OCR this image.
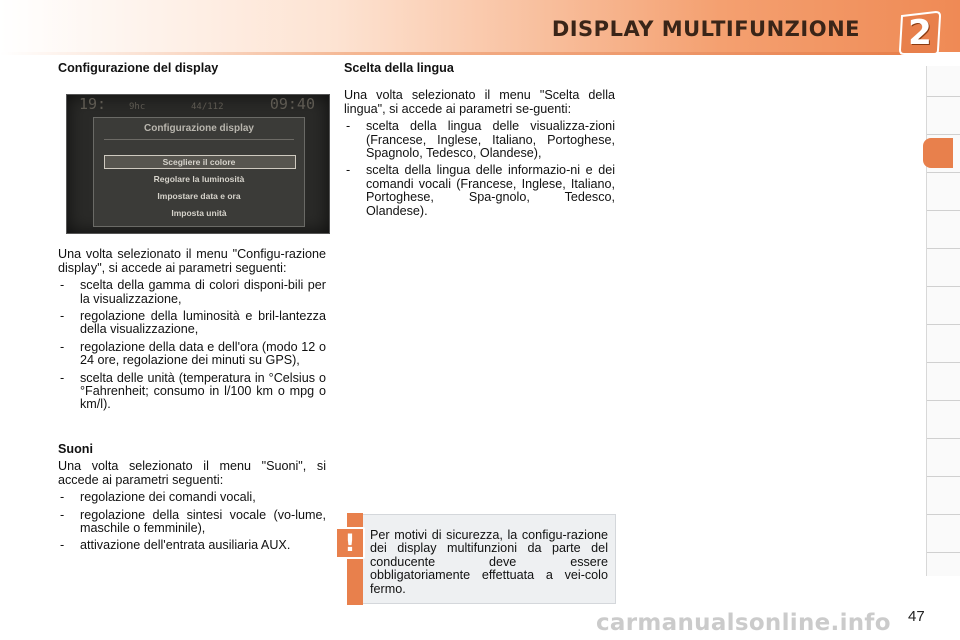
DISPLAY MULTIFUNZIONE 2

Configurazione del display

19:	9hc	44/112	09:40
Configurazione display
Scegliere il colore
Regolare la luminosità
Impostare data e ora
Imposta unità

Una volta selezionato il menu "Configu-razione display", si accede ai parametri seguenti:

- scelta della gamma di colori disponi-bili per la visualizzazione,
- regolazione della luminosità e bril-lantezza della visualizzazione,
- regolazione della data e dell'ora (modo 12 o 24 ore, regolazione dei minuti su GPS),
- scelta delle unità (temperatura in °Celsius o °Fahrenheit; consumo in l/100 km o mpg o km/l).

Suoni

Una volta selezionato il menu "Suoni", si accede ai parametri seguenti:

- regolazione dei comandi vocali,
- regolazione della sintesi vocale (vo-lume, maschile o femminile),
- attivazione dell'entrata ausiliaria AUX.

Scelta della lingua

Una volta selezionato il menu "Scelta della lingua", si accede ai parametri se-guenti:

- scelta della lingua delle visualizza-zioni (Francese, Inglese, Italiano, Portoghese, Spagnolo, Tedesco, Olandese),
- scelta della lingua delle informazio-ni e dei comandi vocali (Francese, Inglese, Italiano, Portoghese, Spa-gnolo, Tedesco, Olandese).
!	Per motivi di sicurezza, la configu-razione dei display multifunzioni da parte del conducente deve essere obbligatoriamente effettuata a vei-colo fermo.
carmanualsonline.info 47
